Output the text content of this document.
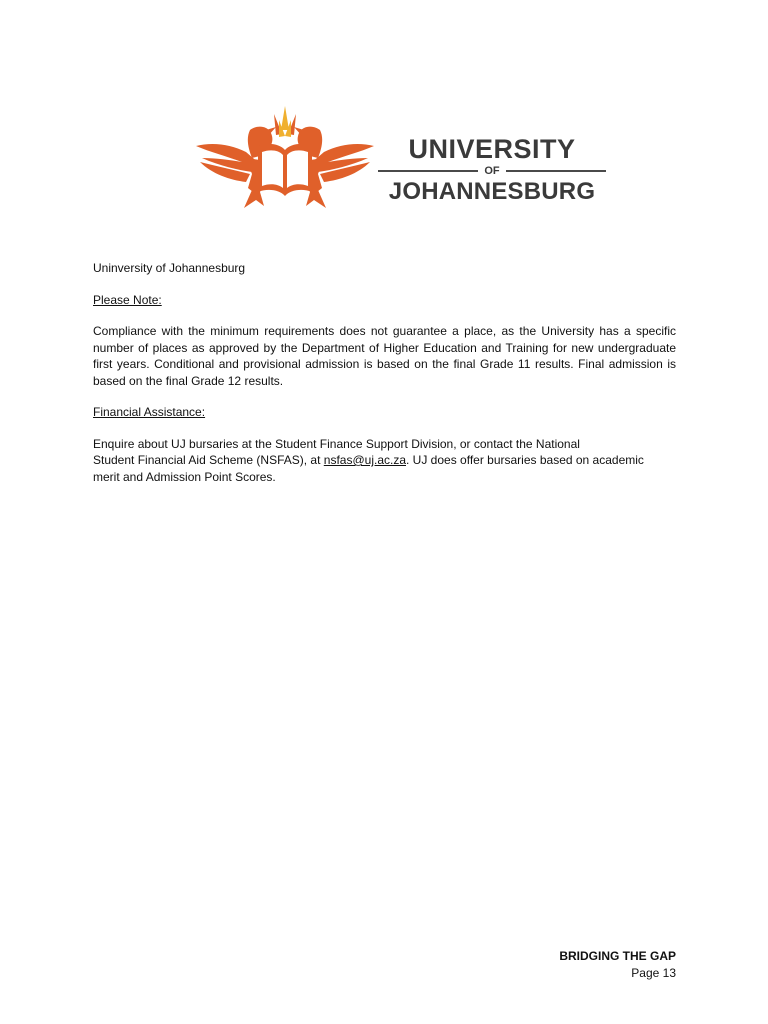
UNIVERSITY
OF
JOHANNESBURG

Uninversity of Johannesburg

Please Note:

Compliance with the minimum requirements does not guarantee a place, as the University has a specific number of places as approved by the Department of Higher Education and Training for new undergraduate first years. Conditional and provisional admission is based on the final Grade 11 results. Final admission is based on the final Grade 12 results.

Financial Assistance:

Enquire about UJ bursaries at the Student Finance Support Division, or contact the National
Student Financial Aid Scheme (NSFAS), at nsfas@uj.ac.za. UJ does offer bursaries based on academic
merit and Admission Point Scores.

BRIDGING THE GAP
Page 13
